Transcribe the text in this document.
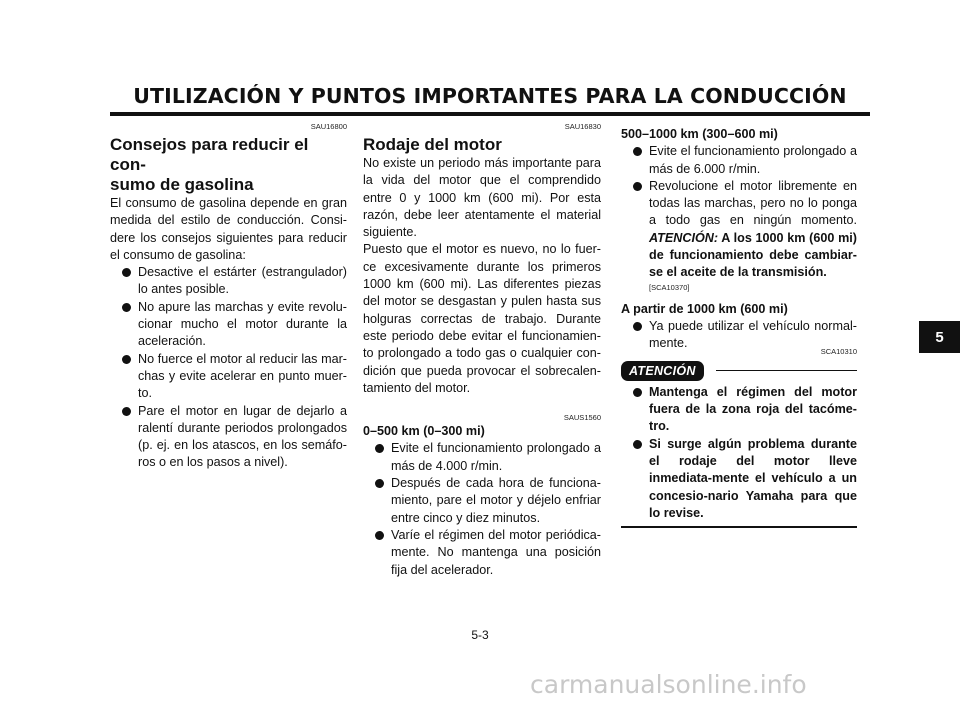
UTILIZACIÓN Y PUNTOS IMPORTANTES PARA LA CONDUCCIÓN
5
SAU16800
Consejos para reducir el con-
sumo de gasolina

El consumo de gasolina depende en gran medida del estilo de conducción. Consi-dere los consejos siguientes para reducir el consumo de gasolina:

Desactive el estárter (estrangulador) lo antes posible.
No apure las marchas y evite revolu-cionar mucho el motor durante la aceleración.
No fuerce el motor al reducir las mar-chas y evite acelerar en punto muer-to.
Pare el motor en lugar de dejarlo a ralentí durante periodos prolongados (p. ej. en los atascos, en los semáfo-ros o en los pasos a nivel).
SAU16830
Rodaje del motor

No existe un periodo más importante para la vida del motor que el comprendido entre 0 y 1000 km (600 mi). Por esta razón, debe leer atentamente el material siguiente.

Puesto que el motor es nuevo, no lo fuer-ce excesivamente durante los primeros 1000 km (600 mi). Las diferentes piezas del motor se desgastan y pulen hasta sus holguras correctas de trabajo. Durante este periodo debe evitar el funcionamien-to prolongado a todo gas o cualquier con-dición que pueda provocar el sobrecalen-tamiento del motor.

SAUS1560
0–500 km (0–300 mi)
Evite el funcionamiento prolongado a más de 4.000 r/min.
Después de cada hora de funciona-miento, pare el motor y déjelo enfriar entre cinco y diez minutos.
Varíe el régimen del motor periódica-mente. No mantenga una posición fija del acelerador.
500–1000 km (300–600 mi)
Evite el funcionamiento prolongado a más de 6.000 r/min.
Revolucione el motor libremente en todas las marchas, pero no lo ponga a todo gas en ningún momento. ATENCIÓN: A los 1000 km (600 mi) de funcionamiento debe cambiar-se el aceite de la transmisión.
[SCA10370]
A partir de 1000 km (600 mi)
Ya puede utilizar el vehículo normal-mente.
SCA10310
ATENCIÓN
Mantenga el régimen del motor fuera de la zona roja del tacóme-tro.
Si surge algún problema durante el rodaje del motor lleve inmediata-mente el vehículo a un concesio-nario Yamaha para que lo revise.
5-3
carmanualsonline.info
